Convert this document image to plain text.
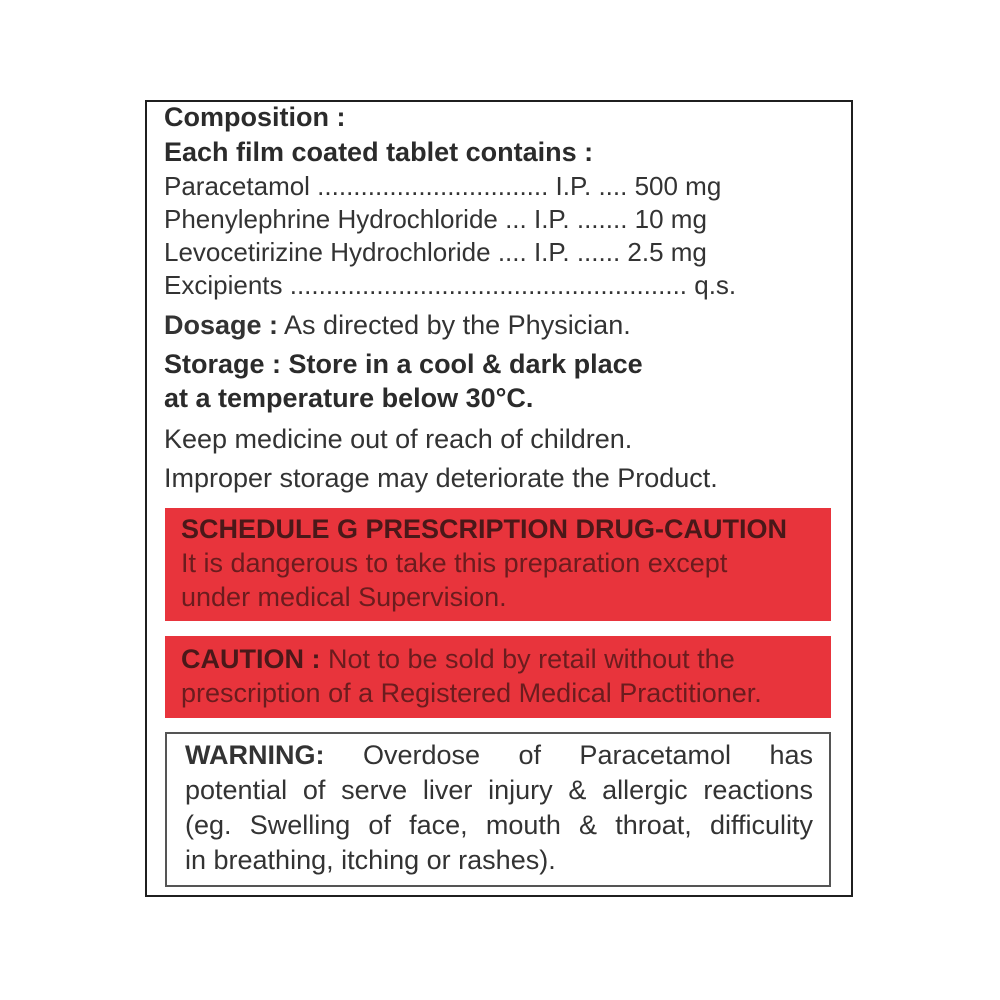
Composition :
Each film coated tablet contains :
Paracetamol ................................ I.P. .... 500 mg
Phenylephrine Hydrochloride ... I.P. ....... 10 mg
Levocetirizine Hydrochloride .... I.P. ...... 2.5 mg
Excipients ....................................................... q.s.
Dosage : As directed by the Physician.
Storage : Store in a cool & dark place
at a temperature below 30°C.
Keep medicine out of reach of children.
Improper storage may deteriorate the Product.
SCHEDULE G PRESCRIPTION DRUG-CAUTION
It is dangerous to take this preparation except
under medical Supervision.
CAUTION : Not to be sold by retail without the
prescription of a Registered Medical Practitioner.
WARNING: Overdose of Paracetamol has
potential of serve liver injury & allergic reactions
(eg. Swelling of face, mouth & throat, difficulity
in breathing, itching or rashes).
